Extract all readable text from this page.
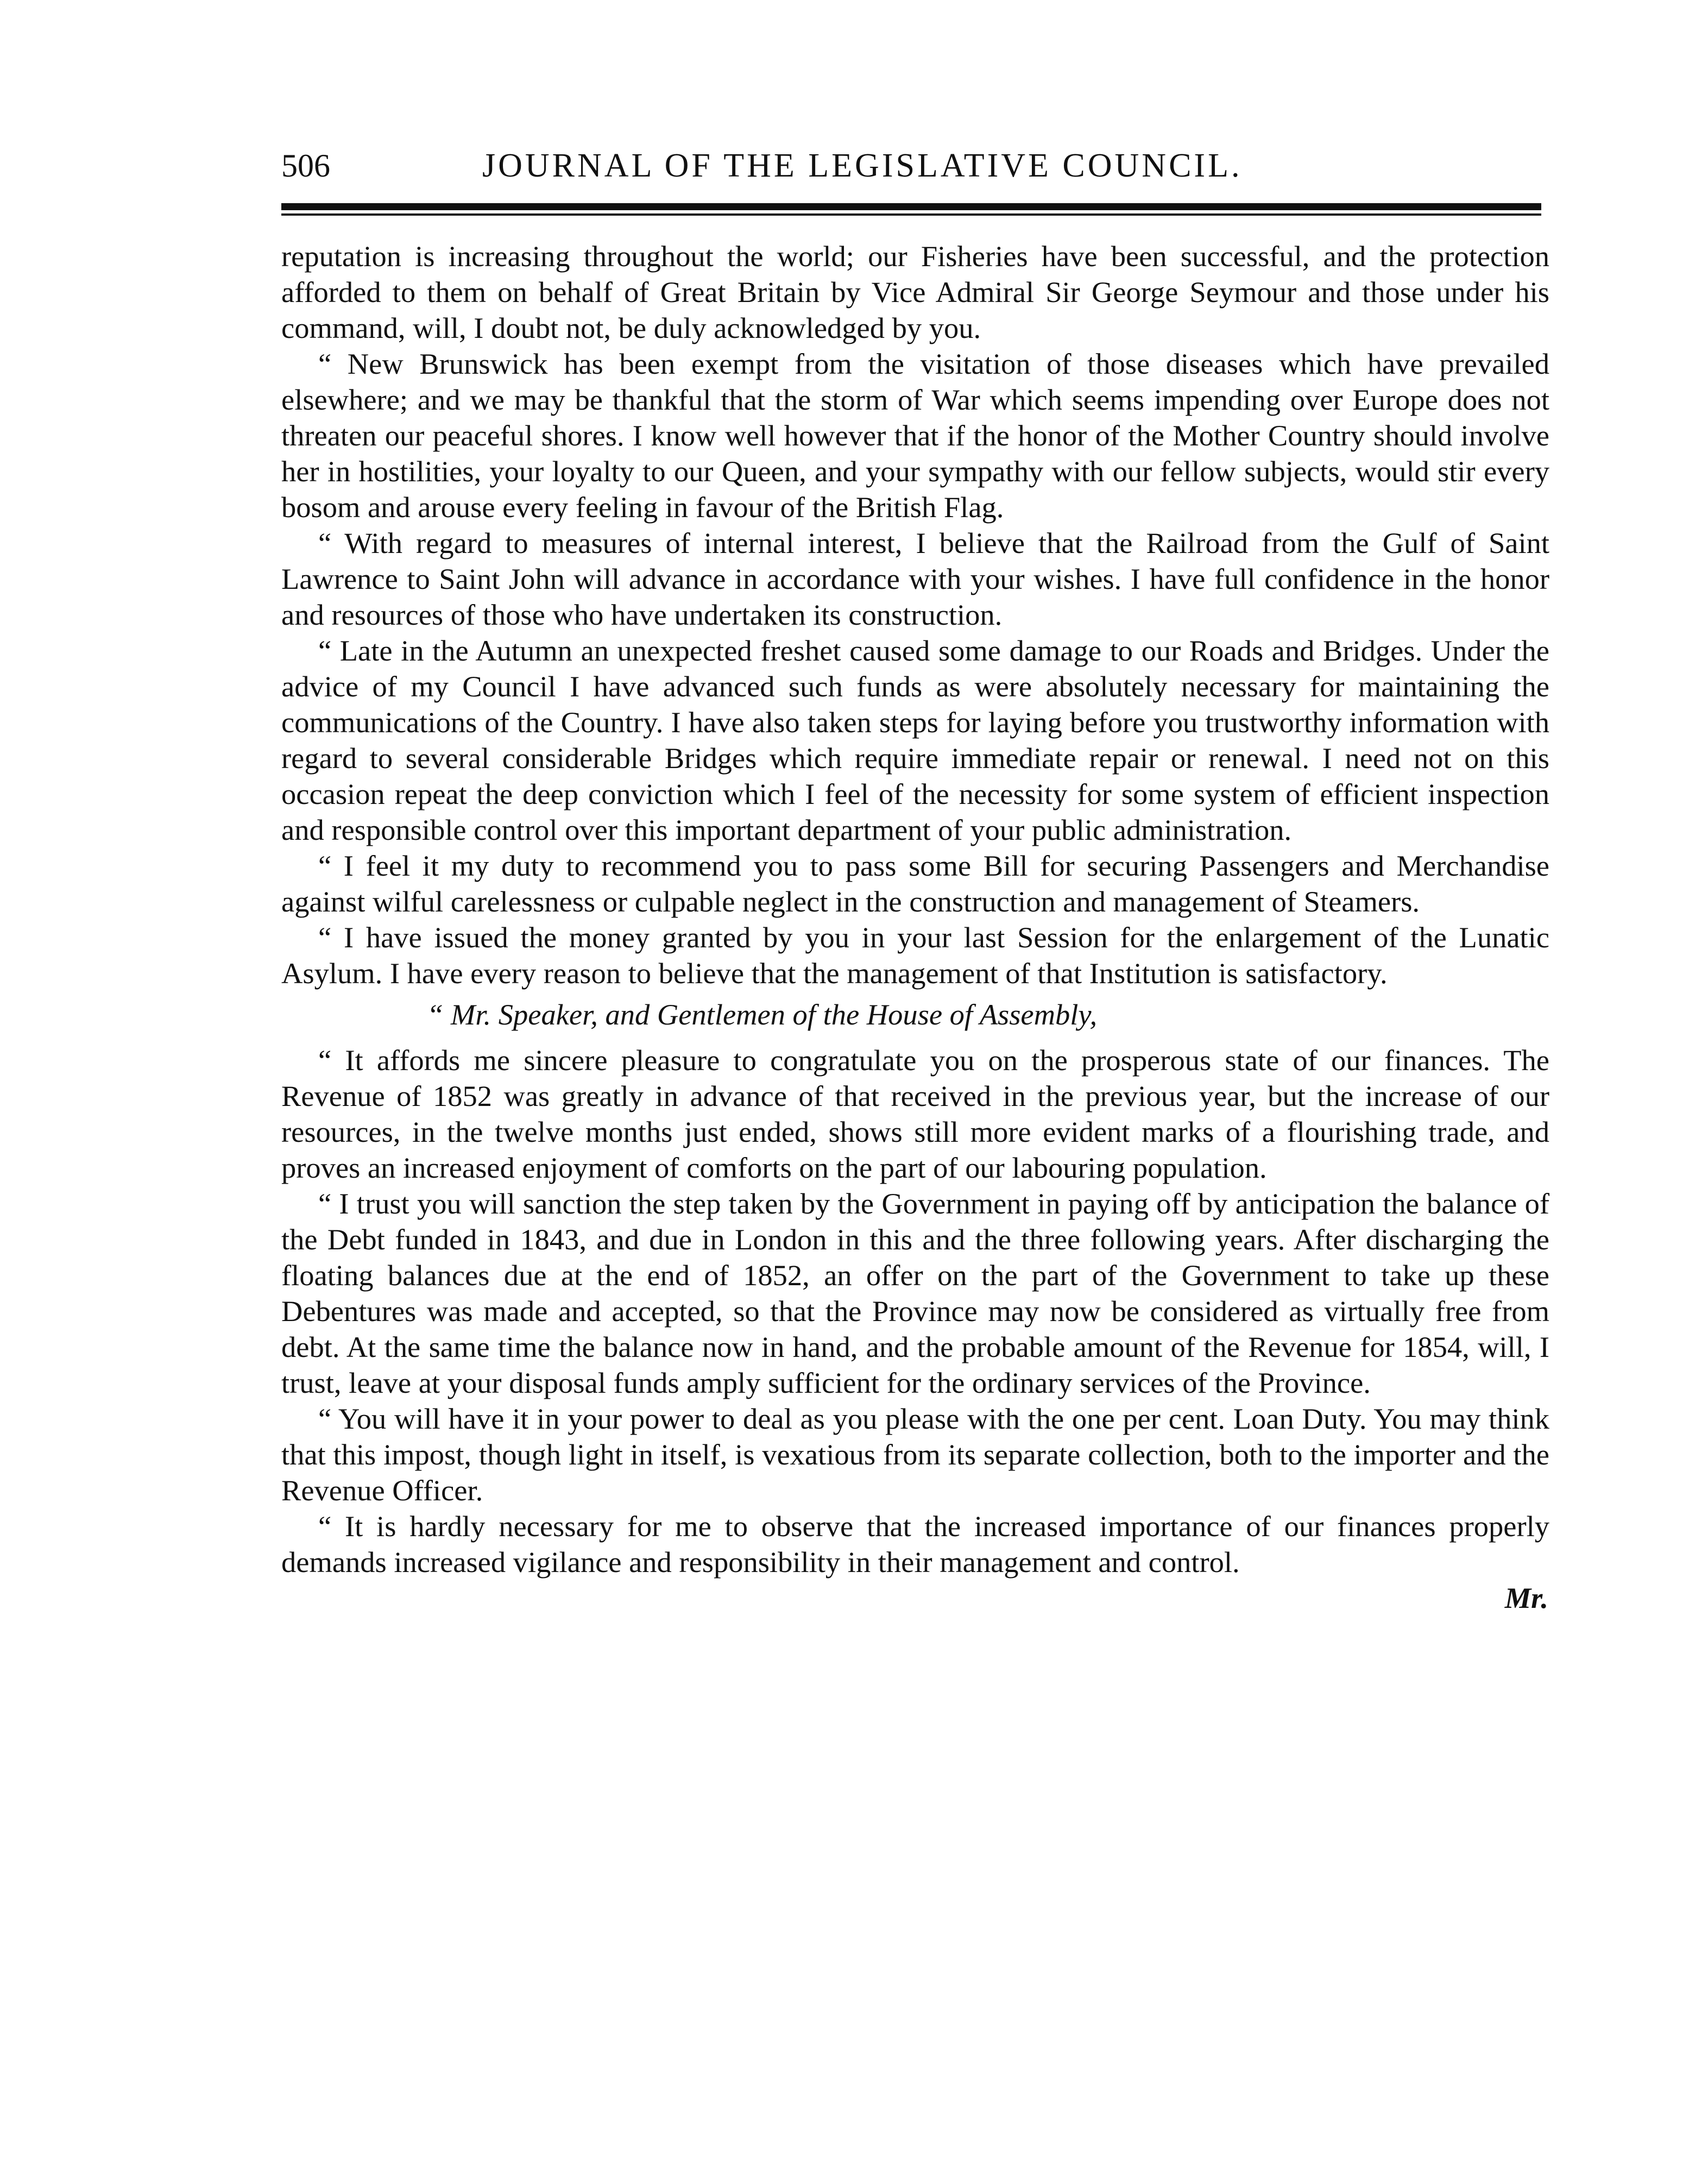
506	JOURNAL OF THE LEGISLATIVE COUNCIL.

reputation is increasing throughout the world; our Fisheries have been successful, and the protection afforded to them on behalf of Great Britain by Vice Admiral Sir George Seymour and those under his command, will, I doubt not, be duly acknowledged by you.

“ New Brunswick has been exempt from the visitation of those diseases which have prevailed elsewhere; and we may be thankful that the storm of War which seems impending over Europe does not threaten our peaceful shores. I know well however that if the honor of the Mother Country should involve her in hostilities, your loyalty to our Queen, and your sympathy with our fellow subjects, would stir every bosom and arouse every feeling in favour of the British Flag.

“ With regard to measures of internal interest, I believe that the Railroad from the Gulf of Saint Lawrence to Saint John will advance in accordance with your wishes. I have full confidence in the honor and resources of those who have undertaken its construction.

“ Late in the Autumn an unexpected freshet caused some damage to our Roads and Bridges. Under the advice of my Council I have advanced such funds as were absolutely necessary for maintaining the communications of the Country. I have also taken steps for laying before you trustworthy information with regard to several considerable Bridges which require immediate repair or renewal. I need not on this occasion repeat the deep conviction which I feel of the necessity for some system of efficient inspection and responsible control over this important department of your public administration.

“ I feel it my duty to recommend you to pass some Bill for securing Passengers and Merchandise against wilful carelessness or culpable neglect in the construction and management of Steamers.

“ I have issued the money granted by you in your last Session for the enlargement of the Lunatic Asylum. I have every reason to believe that the management of that Institution is satisfactory.

“ Mr. Speaker, and Gentlemen of the House of Assembly,

“ It affords me sincere pleasure to congratulate you on the prosperous state of our finances. The Revenue of 1852 was greatly in advance of that received in the previous year, but the increase of our resources, in the twelve months just ended, shows still more evident marks of a flourishing trade, and proves an increased enjoyment of comforts on the part of our labouring population.

“ I trust you will sanction the step taken by the Government in paying off by anticipation the balance of the Debt funded in 1843, and due in London in this and the three following years. After discharging the floating balances due at the end of 1852, an offer on the part of the Government to take up these Debentures was made and accepted, so that the Province may now be considered as virtually free from debt. At the same time the balance now in hand, and the probable amount of the Revenue for 1854, will, I trust, leave at your disposal funds amply sufficient for the ordinary services of the Province.

“ You will have it in your power to deal as you please with the one per cent. Loan Duty. You may think that this impost, though light in itself, is vexatious from its separate collection, both to the importer and the Revenue Officer.

“ It is hardly necessary for me to observe that the increased importance of our finances properly demands increased vigilance and responsibility in their management and control.

Mr.
